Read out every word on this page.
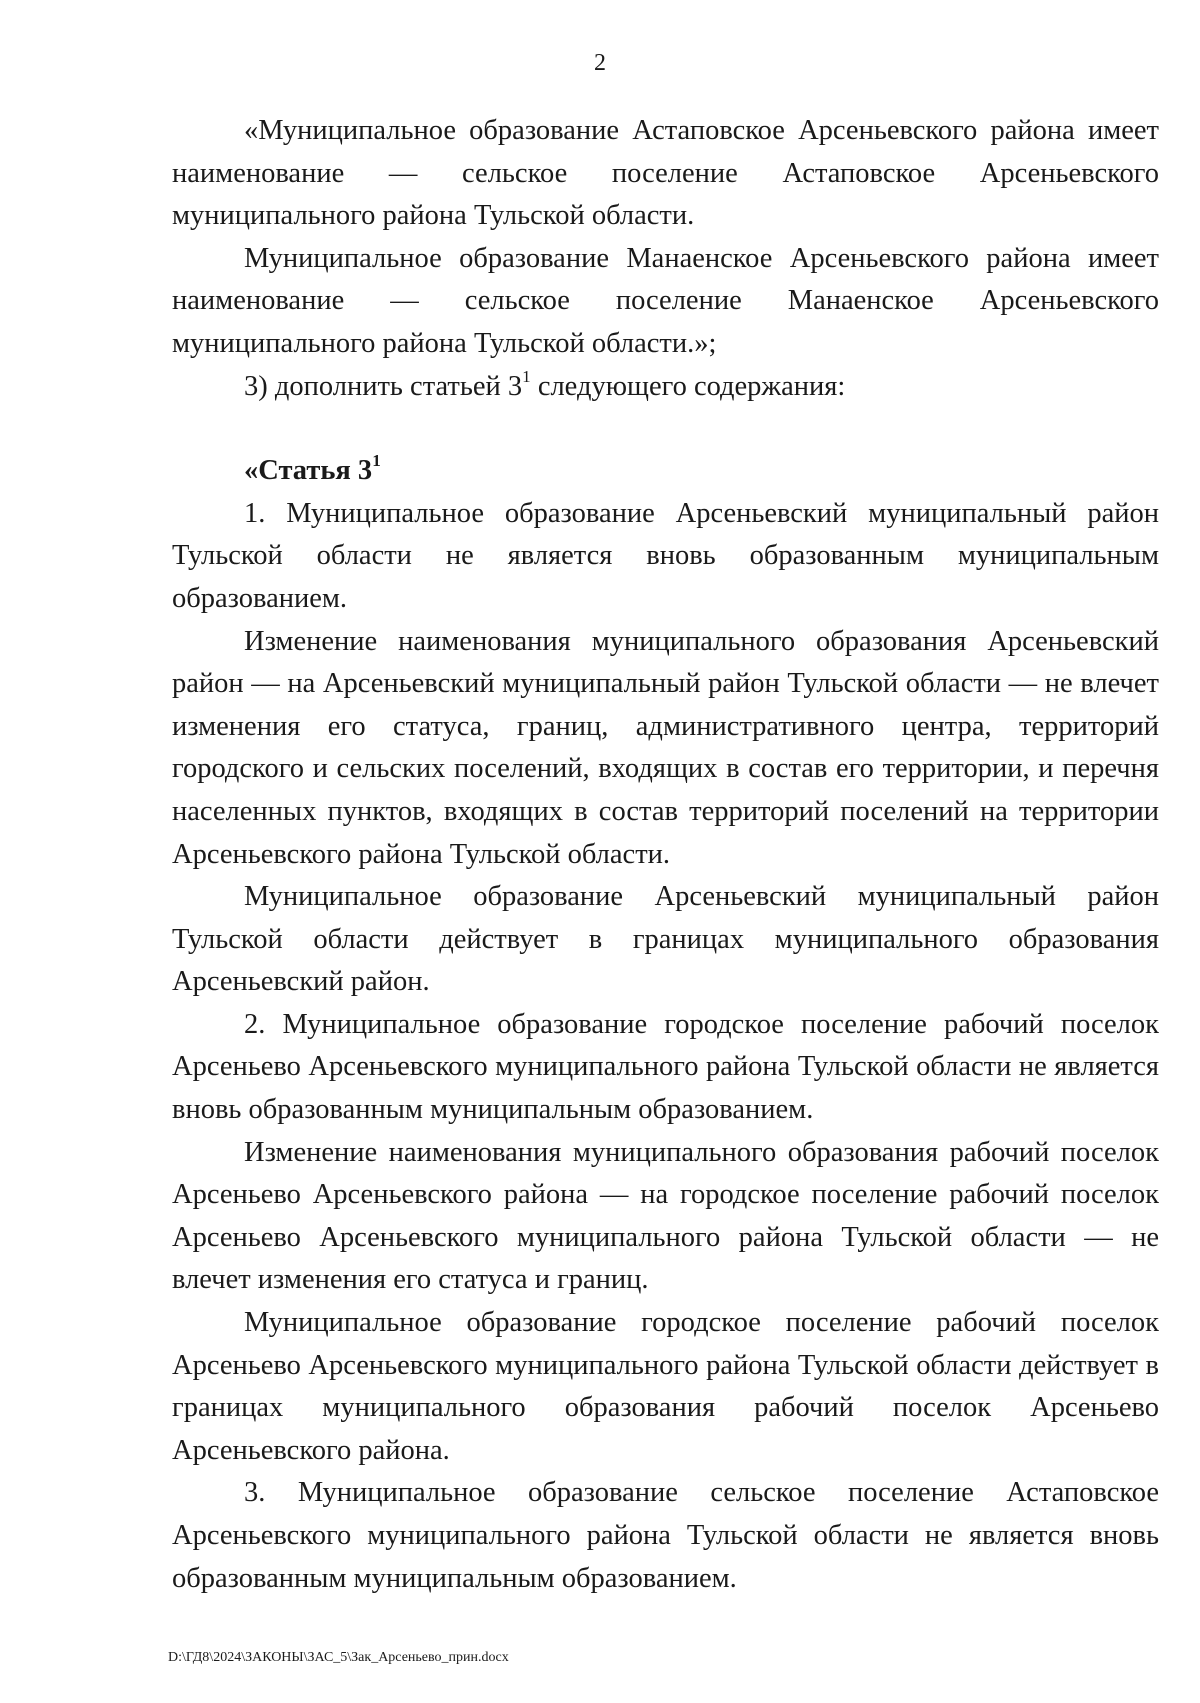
2

«Муниципальное образование Астаповское Арсеньевского района имеет наименование — сельское поселение Астаповское Арсеньевского муниципального района Тульской области.

Муниципальное образование Манаенское Арсеньевского района имеет наименование — сельское поселение Манаенское Арсеньевского муниципального района Тульской области.»;

3) дополнить статьей $3^1$ следующего содержания:

«Статья $3^1$

1. Муниципальное образование Арсеньевский муниципальный район Тульской области не является вновь образованным муниципальным образованием.

Изменение наименования муниципального образования Арсеньевский район — на Арсеньевский муниципальный район Тульской области — не влечет изменения его статуса, границ, административного центра, территорий городского и сельских поселений, входящих в состав его территории, и перечня населенных пунктов, входящих в состав территорий поселений на территории Арсеньевского района Тульской области.

Муниципальное образование Арсеньевский муниципальный район Тульской области действует в границах муниципального образования Арсеньевский район.

2. Муниципальное образование городское поселение рабочий поселок Арсеньево Арсеньевского муниципального района Тульской области не является вновь образованным муниципальным образованием.

Изменение наименования муниципального образования рабочий поселок Арсеньево Арсеньевского района — на городское поселение рабочий поселок Арсеньево Арсеньевского муниципального района Тульской области — не влечет изменения его статуса и границ.

Муниципальное образование городское поселение рабочий поселок Арсеньево Арсеньевского муниципального района Тульской области действует в границах муниципального образования рабочий поселок Арсеньево Арсеньевского района.

3. Муниципальное образование сельское поселение Астаповское Арсеньевского муниципального района Тульской области не является вновь образованным муниципальным образованием.

D:\ГД8\2024\ЗАКОНЫ\ЗАС_5\Зак_Арсеньево_прин.docx
